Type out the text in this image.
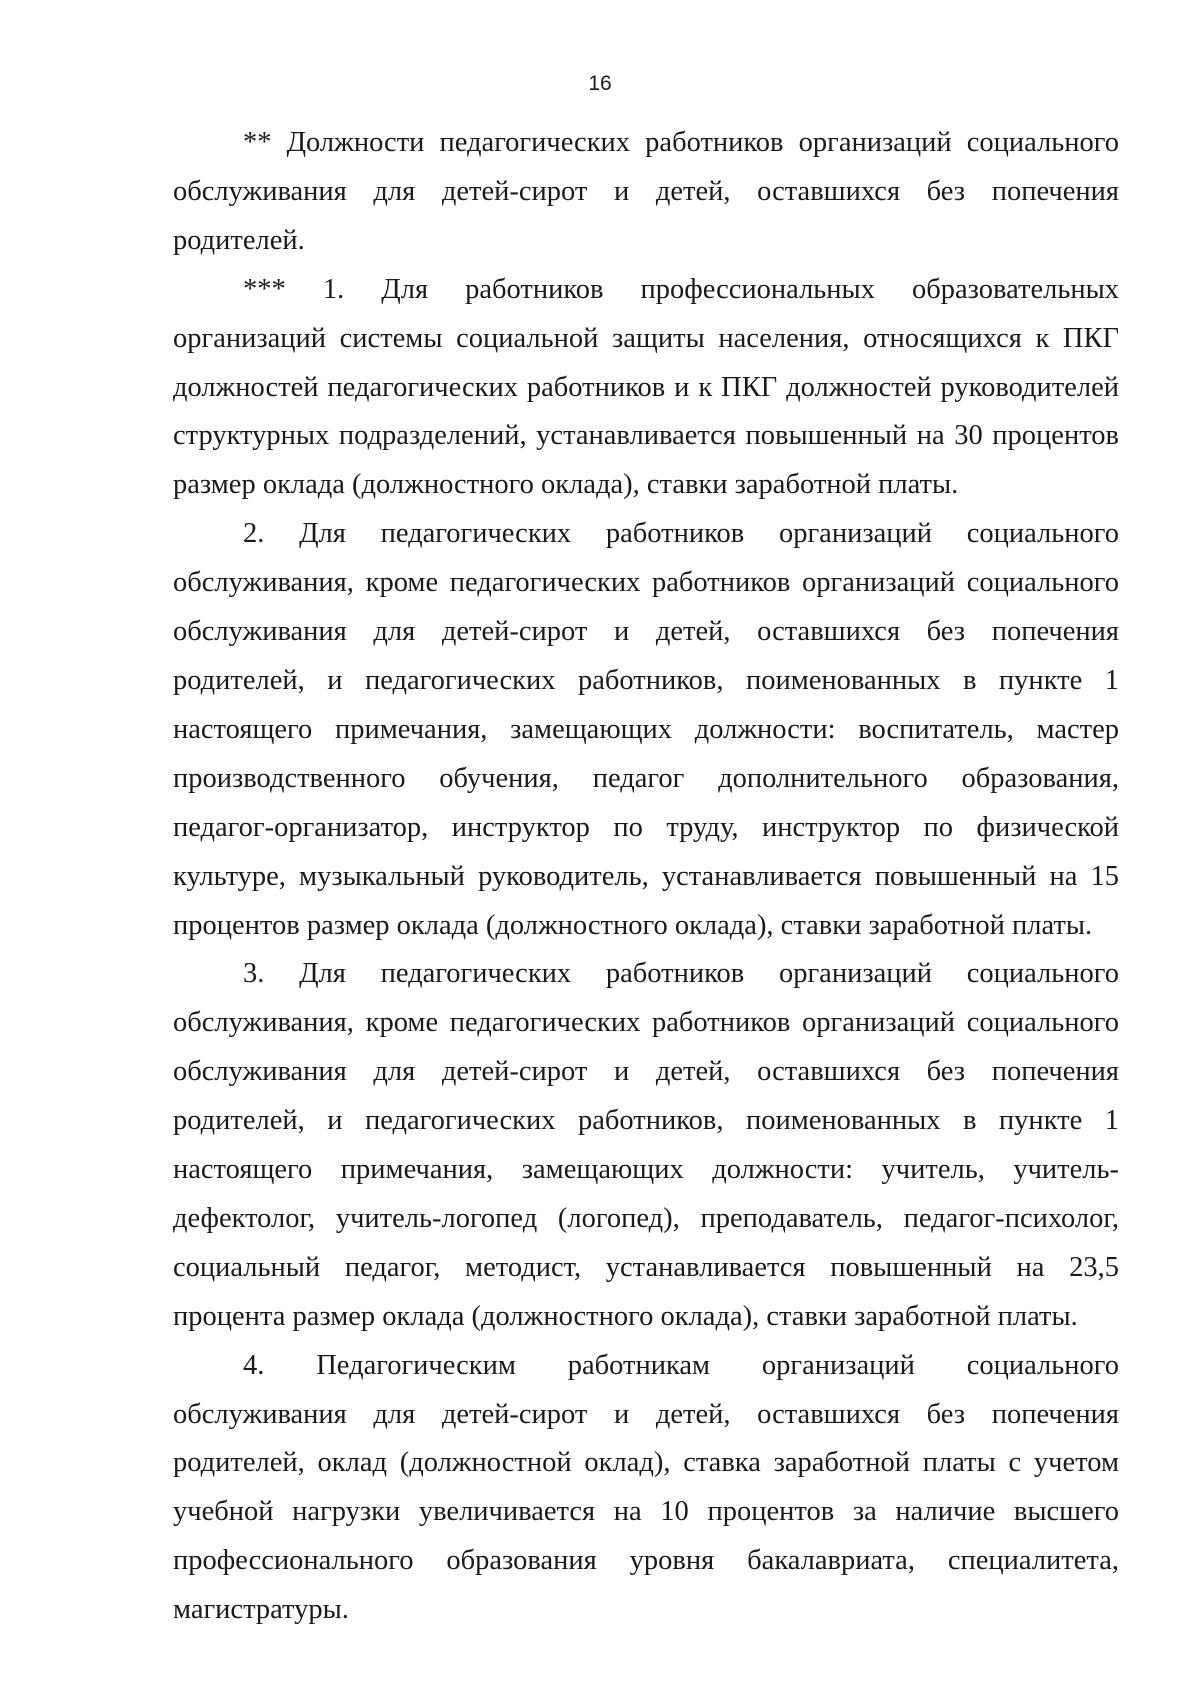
16

** Должности педагогических работников организаций социального обслуживания для детей-сирот и детей, оставшихся без попечения родителей.

*** 1. Для работников профессиональных образовательных организаций системы социальной защиты населения, относящихся к ПКГ должностей педагогических работников и к ПКГ должностей руководителей структурных подразделений, устанавливается повышенный на 30 процентов размер оклада (должностного оклада), ставки заработной платы.

2. Для педагогических работников организаций социального обслуживания, кроме педагогических работников организаций социального обслуживания для детей-сирот и детей, оставшихся без попечения родителей, и педагогических работников, поименованных в пункте 1 настоящего примечания, замещающих должности: воспитатель, мастер производственного обучения, педагог дополнительного образования, педагог-организатор, инструктор по труду, инструктор по физической культуре, музыкальный руководитель, устанавливается повышенный на 15 процентов размер оклада (должностного оклада), ставки заработной платы.

3. Для педагогических работников организаций социального обслуживания, кроме педагогических работников организаций социального обслуживания для детей-сирот и детей, оставшихся без попечения родителей, и педагогических работников, поименованных в пункте 1 настоящего примечания, замещающих должности: учитель, учитель-дефектолог, учитель-логопед (логопед), преподаватель, педагог-психолог, социальный педагог, методист, устанавливается повышенный на 23,5 процента размер оклада (должностного оклада), ставки заработной платы.

4. Педагогическим работникам организаций социального обслуживания для детей-сирот и детей, оставшихся без попечения родителей, оклад (должностной оклад), ставка заработной платы с учетом учебной нагрузки увеличивается на 10 процентов за наличие высшего профессионального образования уровня бакалавриата, специалитета, магистратуры.
